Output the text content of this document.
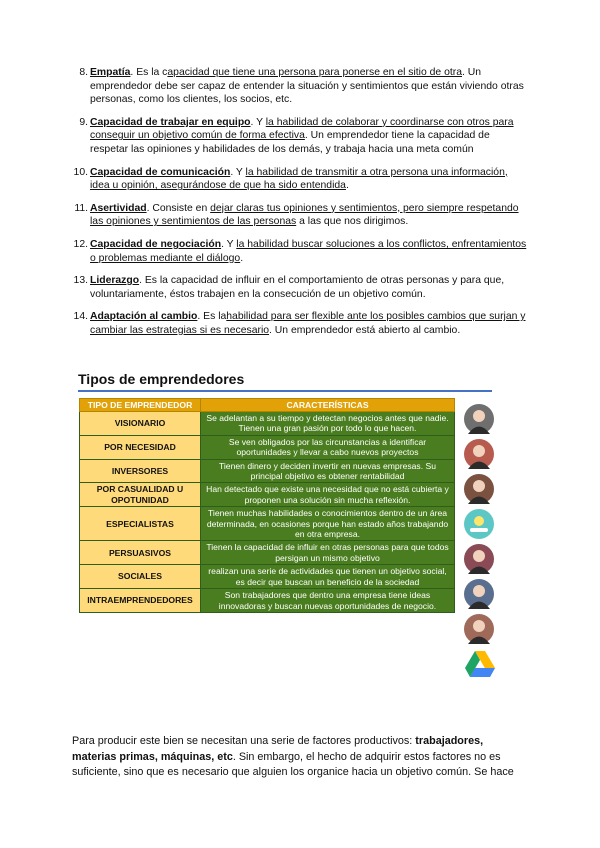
8. Empatía. Es la capacidad que tiene una persona para ponerse en el sitio de otra. Un emprendedor debe ser capaz de entender la situación y sentimientos que están viviendo otras personas, como los clientes, los socios, etc.
9. Capacidad de trabajar en equipo. Y la habilidad de colaborar y coordinarse con otros para conseguir un objetivo común de forma efectiva. Un emprendedor tiene la capacidad de respetar las opiniones y habilidades de los demás, y trabaja hacia una meta común
10. Capacidad de comunicación. Y la habilidad de transmitir a otra persona una información, idea u opinión, asegurándose de que ha sido entendida.
11. Asertividad. Consiste en dejar claras tus opiniones y sentimientos, pero siempre respetando las opiniones y sentimientos de las personas a las que nos dirigimos.
12. Capacidad de negociación. Y la habilidad buscar soluciones a los conflictos, enfrentamientos o problemas mediante el diálogo.
13. Liderazgo. Es la capacidad de influir en el comportamiento de otras personas y para que, voluntariamente, éstos trabajen en la consecución de un objetivo común.
14. Adaptación al cambio. Es lahabilidad para ser flexible ante los posibles cambios que surjan y cambiar las estrategias si es necesario. Un emprendedor está abierto al cambio.
Tipos de emprendedores
TIPO DE EMPRENDEDOR	CARACTERÍSTICAS
VISIONARIO	Se adelantan a su tiempo y detectan negocios antes que nadie. Tienen una gran pasión por todo lo que hacen.
POR NECESIDAD	Se ven obligados por las circunstancias a identificar oportunidades y llevar a cabo nuevos proyectos
INVERSORES	Tienen dinero y deciden invertir en nuevas empresas. Su principal objetivo es obtener rentabilidad
POR CASUALIDAD U OPOTUNIDAD	Han detectado que existe una necesidad que no está cubierta y proponen una solución sin mucha reflexión.
ESPECIALISTAS	Tienen muchas habilidades o conocimientos dentro de un área determinada, en ocasiones porque han estado años trabajando en otra empresa.
PERSUASIVOS	Tienen la capacidad de influir en otras personas para que todos persigan un mismo objetivo
SOCIALES	realizan una serie de actividades que tienen un objetivo social, es decir que buscan un beneficio de la sociedad
INTRAEMPRENDEDORES	Son trabajadores que dentro una empresa tiene ideas innovadoras y buscan nuevas oportunidades de negocio.

Para producir este bien se necesitan una serie de factores productivos: trabajadores, materias primas, máquinas, etc. Sin embargo, el hecho de adquirir estos factores no es suficiente, sino que es necesario que alguien los organice hacia un objetivo común. Se hace
